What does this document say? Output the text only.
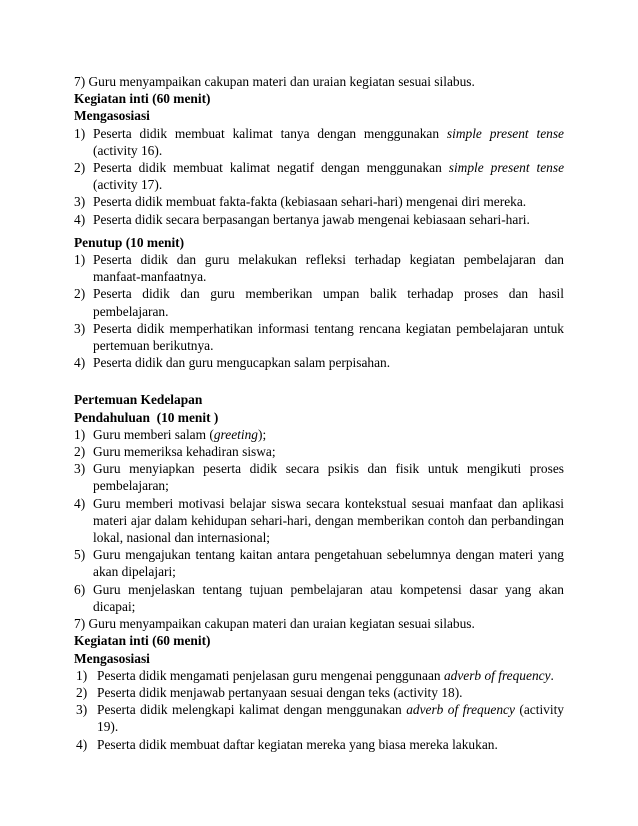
7) Guru menyampaikan cakupan materi dan uraian kegiatan sesuai silabus.

Kegiatan inti (60 menit)

Mengasosiasi

1) Peserta didik membuat kalimat tanya dengan menggunakan simple present tense (activity 16).
2) Peserta didik membuat kalimat negatif dengan menggunakan simple present tense (activity 17).
3) Peserta didik membuat fakta-fakta (kebiasaan sehari-hari) mengenai diri mereka.
4) Peserta didik secara berpasangan bertanya jawab mengenai kebiasaan sehari-hari.

Penutup (10 menit)

1) Peserta didik dan guru melakukan refleksi terhadap kegiatan pembelajaran dan manfaat-manfaatnya.
2) Peserta didik dan guru memberikan umpan balik terhadap proses dan hasil pembelajaran.
3) Peserta didik memperhatikan informasi tentang rencana kegiatan pembelajaran untuk pertemuan berikutnya.
4) Peserta didik dan guru mengucapkan salam perpisahan.

Pertemuan Kedelapan

Pendahuluan  (10 menit )

1) Guru memberi salam (greeting);
2) Guru memeriksa kehadiran siswa;
3) Guru menyiapkan peserta didik secara psikis dan fisik untuk mengikuti proses pembelajaran;
4) Guru memberi motivasi belajar siswa secara kontekstual sesuai manfaat dan aplikasi materi ajar dalam kehidupan sehari-hari, dengan memberikan contoh dan perbandingan lokal, nasional dan internasional;
5) Guru mengajukan tentang kaitan antara pengetahuan sebelumnya dengan materi yang akan dipelajari;
6) Guru menjelaskan tentang tujuan pembelajaran atau kompetensi dasar yang akan dicapai;

7) Guru menyampaikan cakupan materi dan uraian kegiatan sesuai silabus.

Kegiatan inti (60 menit)

Mengasosiasi

1) Peserta didik mengamati penjelasan guru mengenai penggunaan adverb of frequency.
2) Peserta didik menjawab pertanyaan sesuai dengan teks (activity 18).
3) Peserta didik melengkapi kalimat dengan menggunakan adverb of frequency (activity 19).
4) Peserta didik membuat daftar kegiatan mereka yang biasa mereka lakukan.
